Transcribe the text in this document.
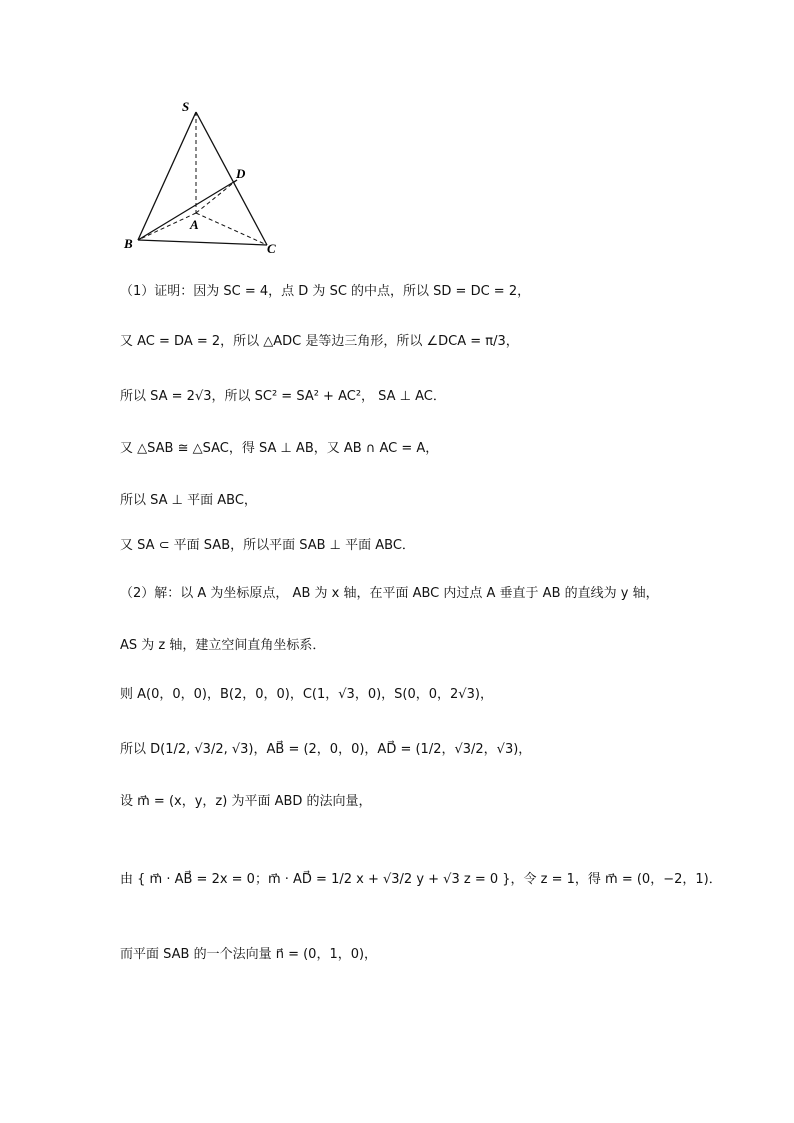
S
D
A
B	C
（1）证明：因为 SC = 4，点 D 为 SC 的中点，所以 SD = DC = 2，
又 AC = DA = 2，所以 △ADC 是等边三角形，所以 ∠DCA = π/3，
所以 SA = 2√3，所以 SC² = SA² + AC²， SA ⊥ AC．
又 △SAB ≅ △SAC，得 SA ⊥ AB，又 AB ∩ AC = A，
所以 SA ⊥ 平面 ABC，
又 SA ⊂ 平面 SAB，所以平面 SAB ⊥ 平面 ABC．
（2）解：以 A 为坐标原点， AB 为 x 轴，在平面 ABC 内过点 A 垂直于 AB 的直线为 y 轴，
AS 为 z 轴，建立空间直角坐标系．
则 A(0，0，0)，B(2，0，0)，C(1，√3，0)，S(0，0，2√3)，
所以 D(1/2, √3/2, √3)，AB⃗ = (2，0，0)，AD⃗ = (1/2，√3/2，√3)，
设 m⃗ = (x，y，z) 为平面 ABD 的法向量，
由 { m⃗ · AB⃗ = 2x = 0；m⃗ · AD⃗ = 1/2 x + √3/2 y + √3 z = 0 }，令 z = 1，得 m⃗ = (0，−2，1)．
而平面 SAB 的一个法向量 n⃗ = (0，1，0)，
